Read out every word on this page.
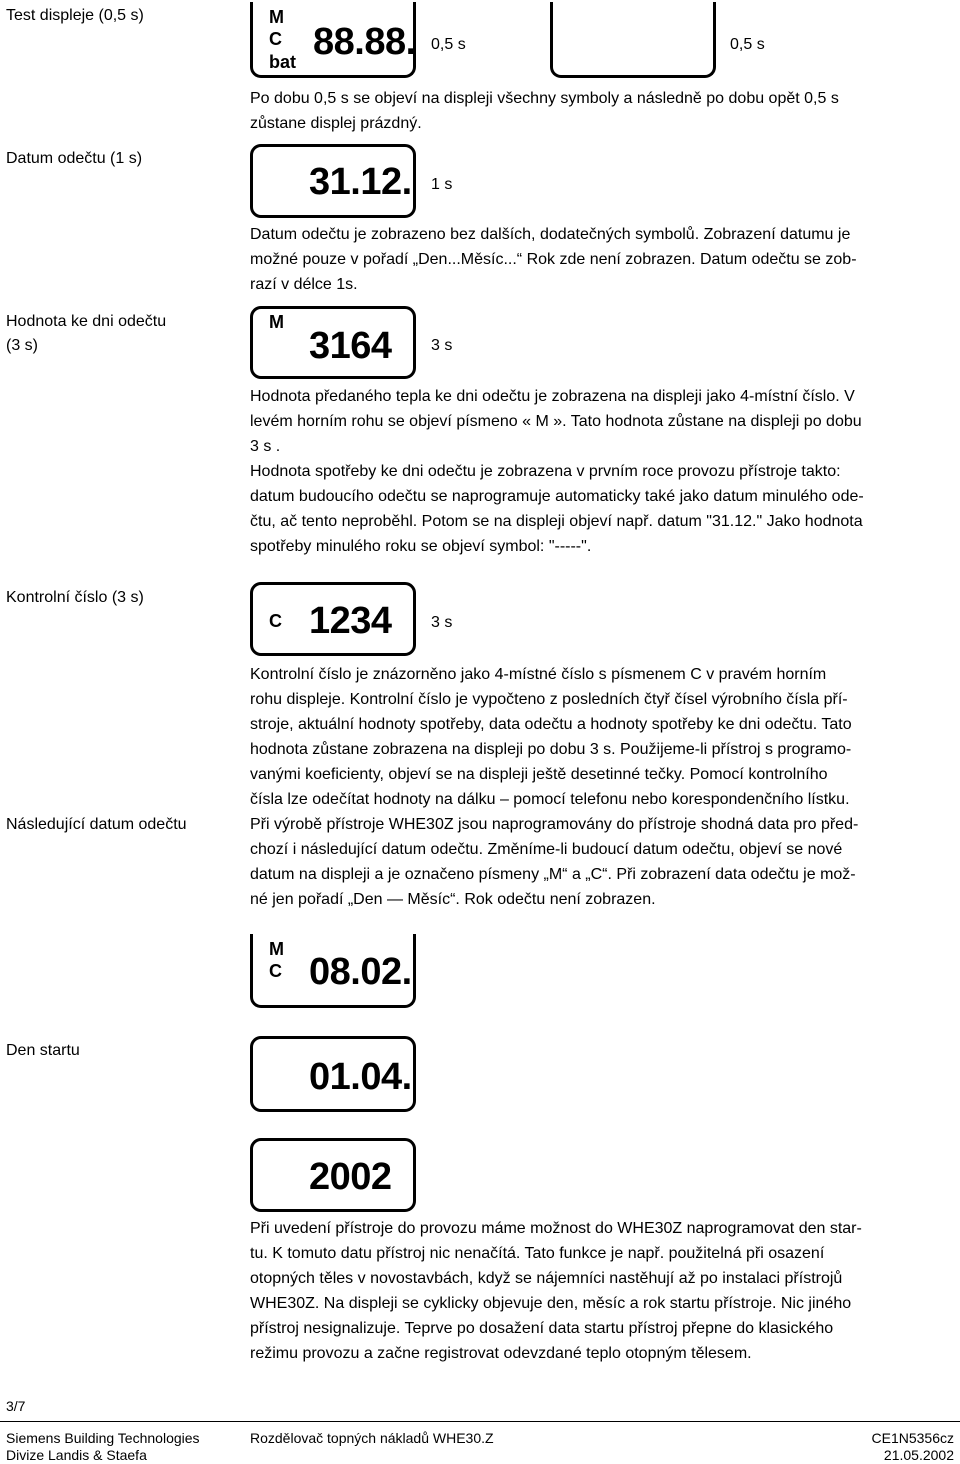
Test displeje (0,5 s)
Datum odečtu (1 s)
Hodnota ke dni odečtu
(3 s)
Kontrolní číslo (3 s)
Následující datum odečtu
Den startu
M
C
bat 88.88. 0,5 s	0,5 s
Po dobu 0,5 s se objeví na displeji všechny symboly a následně po dobu opět 0,5 s
zůstane displej prázdný.
31.12. 1 s
Datum odečtu je zobrazeno bez dalších, dodatečných symbolů. Zobrazení datumu je
možné pouze v pořadí „Den...Měsíc...“ Rok zde není zobrazen. Datum odečtu se zob-
razí v délce 1s.
M
3164 3 s
Hodnota předaného tepla ke dni odečtu je zobrazena na displeji jako 4-místní číslo. V
levém horním rohu se objeví písmeno « M ». Tato hodnota zůstane na displeji po dobu
3 s .
Hodnota spotřeby ke dni odečtu je zobrazena v prvním roce provozu přístroje takto:
datum budoucího odečtu se naprogramuje automaticky také jako datum minulého ode-
čtu, ač tento neproběhl. Potom se na displeji objeví např. datum "31.12." Jako hodnota
spotřeby minulého roku se objeví symbol: "-----".
C 1234 3 s
Kontrolní číslo je znázorněno jako 4-místné číslo s písmenem C v pravém horním
rohu displeje. Kontrolní číslo je vypočteno z posledních čtyř čísel výrobního čísla pří-
stroje, aktuální hodnoty spotřeby, data odečtu a hodnoty spotřeby ke dni odečtu. Tato
hodnota zůstane zobrazena na displeji po dobu 3 s. Použijeme-li přístroj s programo-
vanými koeficienty, objeví se na displeji ještě desetinné tečky. Pomocí kontrolního
čísla lze odečítat hodnoty na dálku – pomocí telefonu nebo korespondenčního lístku.
Při výrobě přístroje WHE30Z jsou naprogramovány do přístroje shodná data pro před-
chozí i následující datum odečtu. Změníme-li budoucí datum odečtu, objeví se nové
datum na displeji a je označeno písmeny „M“ a „C“. Při zobrazení data odečtu je mož-
né jen pořadí „Den — Měsíc“. Rok odečtu není zobrazen.
M
C 08.02.
01.04.
2002
Při uvedení přístroje do provozu máme možnost do WHE30Z naprogramovat den star-
tu. K tomuto datu přístroj nic nenačítá. Tato funkce je např. použitelná při osazení
otopných těles v novostavbách, když se nájemníci nastěhují až po instalaci přístrojů
WHE30Z. Na displeji se cyklicky objevuje den, měsíc a rok startu přístroje. Nic jiného
přístroj nesignalizuje. Teprve po dosažení data startu přístroj přepne do klasického
režimu provozu a začne registrovat odevzdané teplo otopným tělesem.
3/7
Siemens Building Technologies
Divize Landis & Staefa
Rozdělovač topných nákladů WHE30.Z	CE1N5356cz
21.05.2002
